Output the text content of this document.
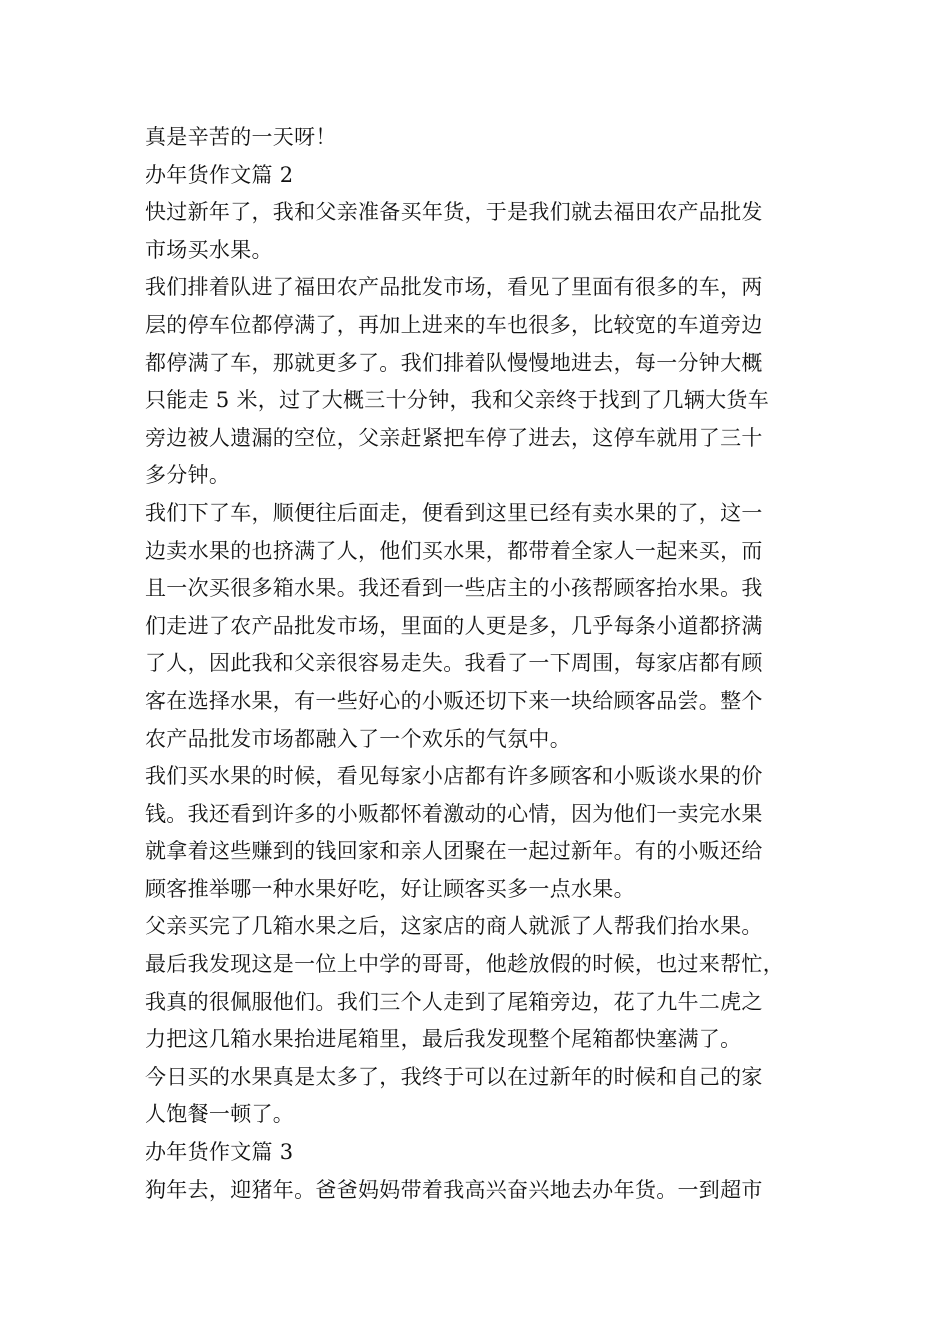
真是辛苦的一天呀！
办年货作文篇 2
快过新年了，我和父亲准备买年货，于是我们就去福田农产品批发
市场买水果。
我们排着队进了福田农产品批发市场，看见了里面有很多的车，两
层的停车位都停满了，再加上进来的车也很多，比较宽的车道旁边
都停满了车，那就更多了。我们排着队慢慢地进去，每一分钟大概
只能走 5 米，过了大概三十分钟，我和父亲终于找到了几辆大货车
旁边被人遗漏的空位，父亲赶紧把车停了进去，这停车就用了三十
多分钟。
我们下了车，顺便往后面走，便看到这里已经有卖水果的了，这一
边卖水果的也挤满了人，他们买水果，都带着全家人一起来买，而
且一次买很多箱水果。我还看到一些店主的小孩帮顾客抬水果。我
们走进了农产品批发市场，里面的人更是多，几乎每条小道都挤满
了人，因此我和父亲很容易走失。我看了一下周围，每家店都有顾
客在选择水果，有一些好心的小贩还切下来一块给顾客品尝。整个
农产品批发市场都融入了一个欢乐的气氛中。
我们买水果的时候，看见每家小店都有许多顾客和小贩谈水果的价
钱。我还看到许多的小贩都怀着激动的心情，因为他们一卖完水果
就拿着这些赚到的钱回家和亲人团聚在一起过新年。有的小贩还给
顾客推举哪一种水果好吃，好让顾客买多一点水果。
父亲买完了几箱水果之后，这家店的商人就派了人帮我们抬水果。
最后我发现这是一位上中学的哥哥，他趁放假的时候，也过来帮忙，
我真的很佩服他们。我们三个人走到了尾箱旁边，花了九牛二虎之
力把这几箱水果抬进尾箱里，最后我发现整个尾箱都快塞满了。
今日买的水果真是太多了，我终于可以在过新年的时候和自己的家
人饱餐一顿了。
办年货作文篇 3
狗年去，迎猪年。爸爸妈妈带着我高兴奋兴地去办年货。一到超市
